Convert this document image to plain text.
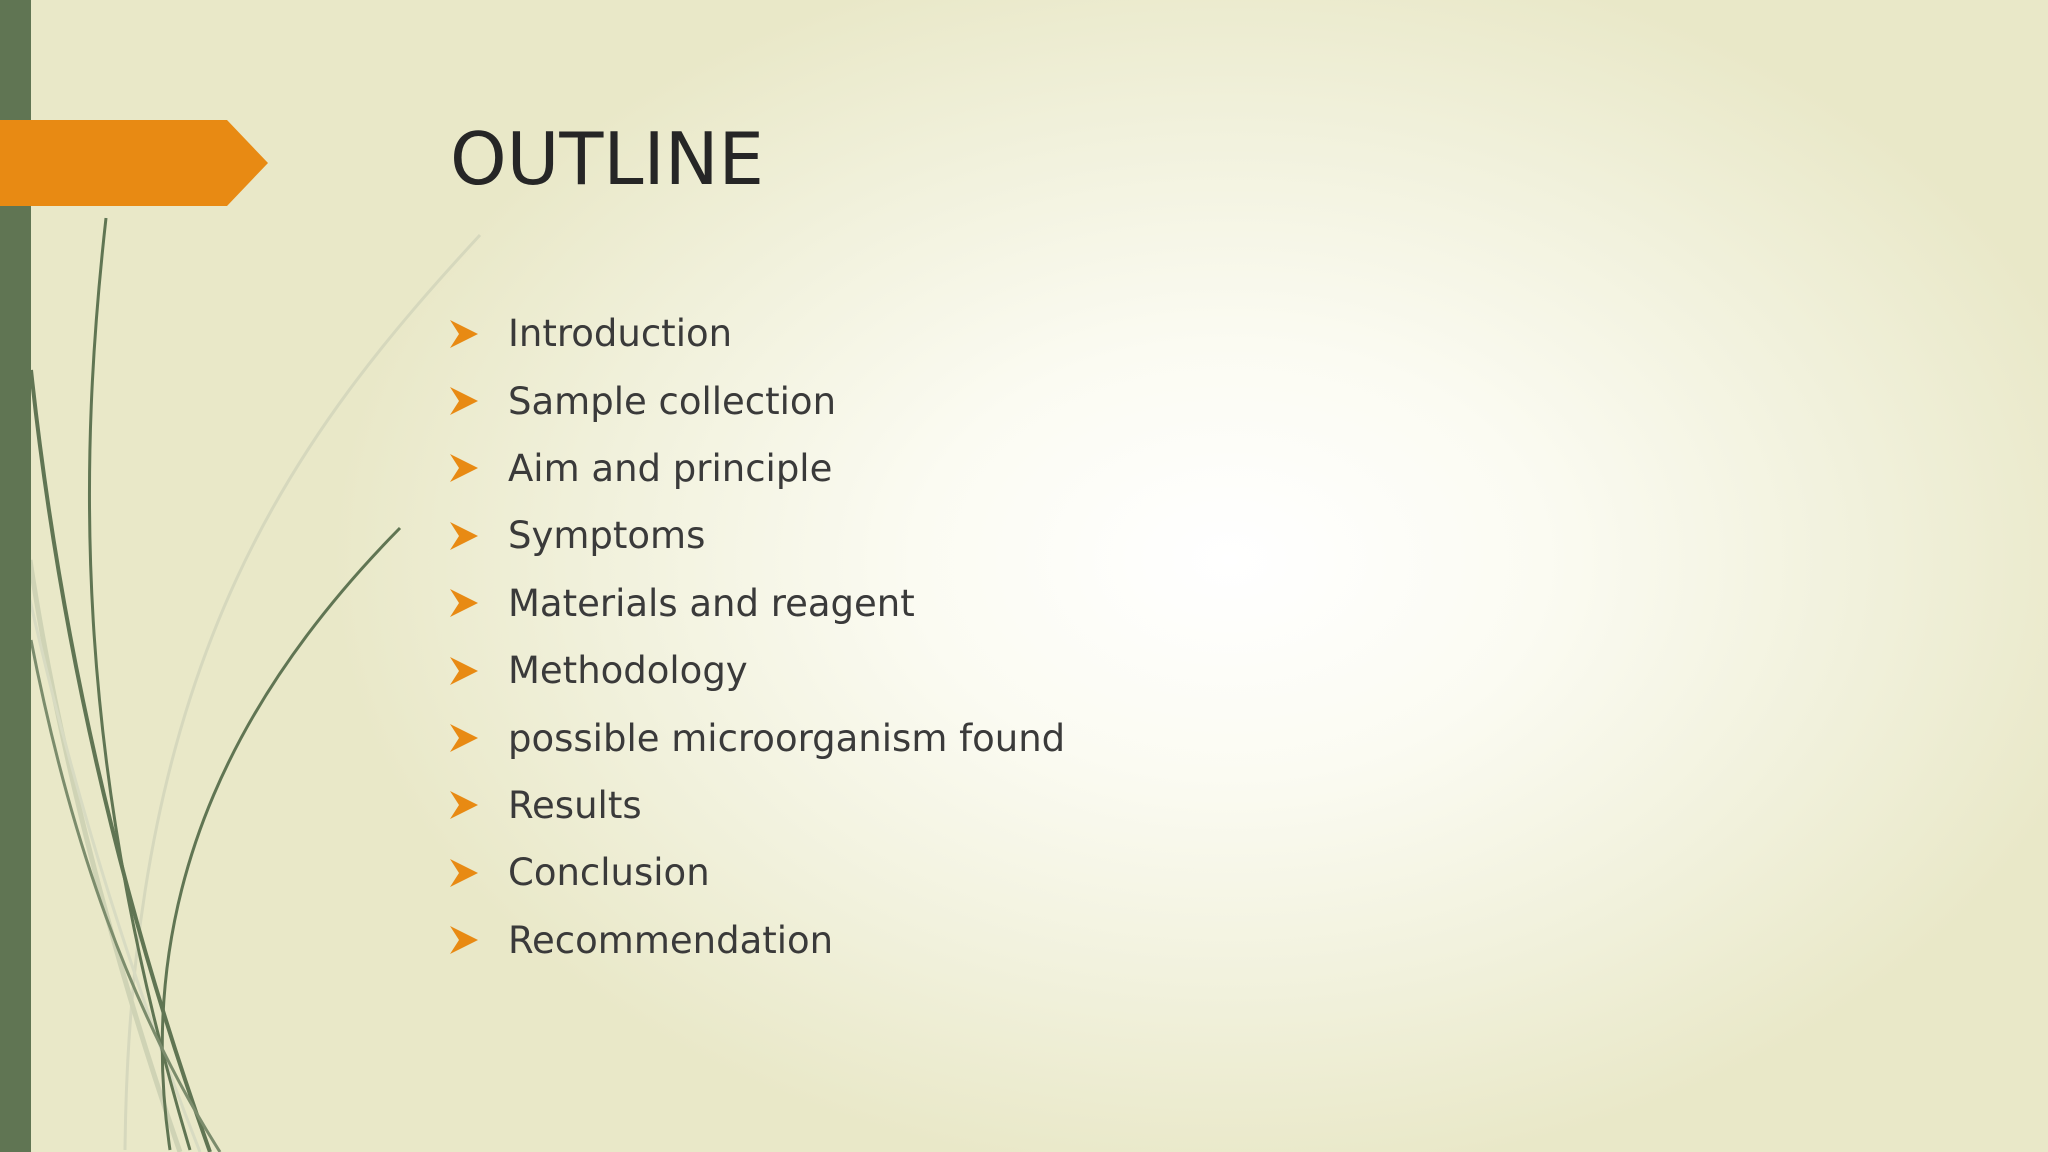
OUTLINE
Introduction
Sample collection
Aim and principle
Symptoms
Materials and reagent
Methodology
possible microorganism found
Results
Conclusion
Recommendation
